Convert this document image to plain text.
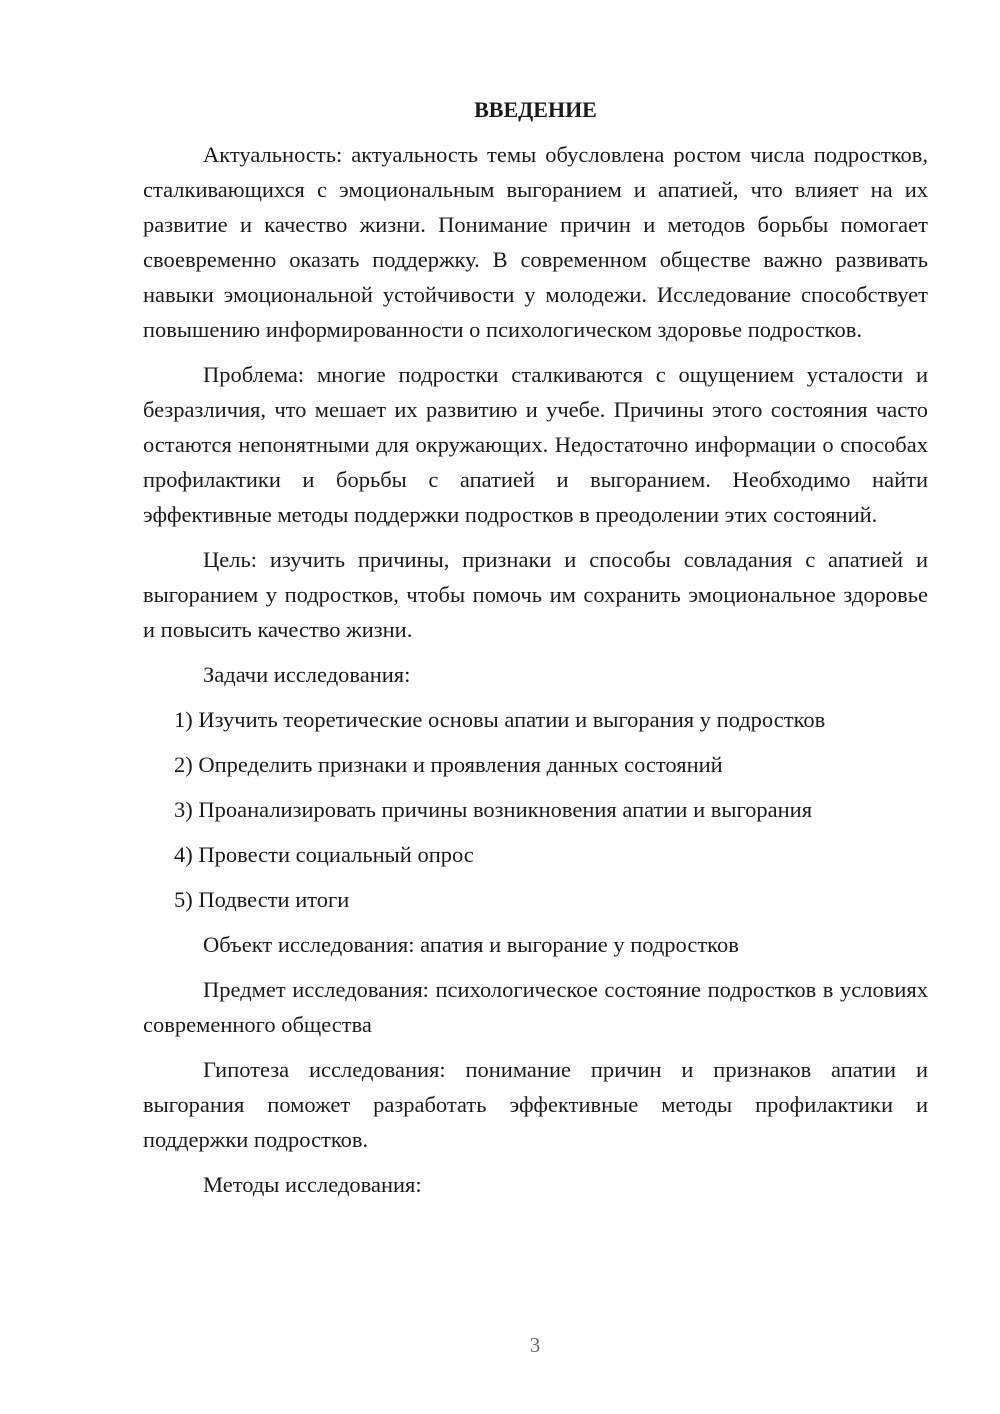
ВВЕДЕНИЕ

Актуальность: актуальность темы обусловлена ростом числа подростков, сталкивающихся с эмоциональным выгоранием и апатией, что влияет на их развитие и качество жизни. Понимание причин и методов борьбы помогает своевременно оказать поддержку. В современном обществе важно развивать навыки эмоциональной устойчивости у молодежи. Исследование способствует повышению информированности о психологическом здоровье подростков.

Проблема: многие подростки сталкиваются с ощущением усталости и безразличия, что мешает их развитию и учебе. Причины этого состояния часто остаются непонятными для окружающих. Недостаточно информации о способах профилактики и борьбы с апатией и выгоранием. Необходимо найти эффективные методы поддержки подростков в преодолении этих состояний.

Цель: изучить причины, признаки и способы совладания с апатией и выгоранием у подростков, чтобы помочь им сохранить эмоциональное здоровье и повысить качество жизни.

Задачи исследования:

1) Изучить теоретические основы апатии и выгорания у подростков
2) Определить признаки и проявления данных состояний
3) Проанализировать причины возникновения апатии и выгорания
4) Провести социальный опрос
5) Подвести итоги

Объект исследования: апатия и выгорание у подростков

Предмет исследования: психологическое состояние подростков в условиях современного общества

Гипотеза исследования: понимание причин и признаков апатии и выгорания поможет разработать эффективные методы профилактики и поддержки подростков.

Методы исследования:

3
